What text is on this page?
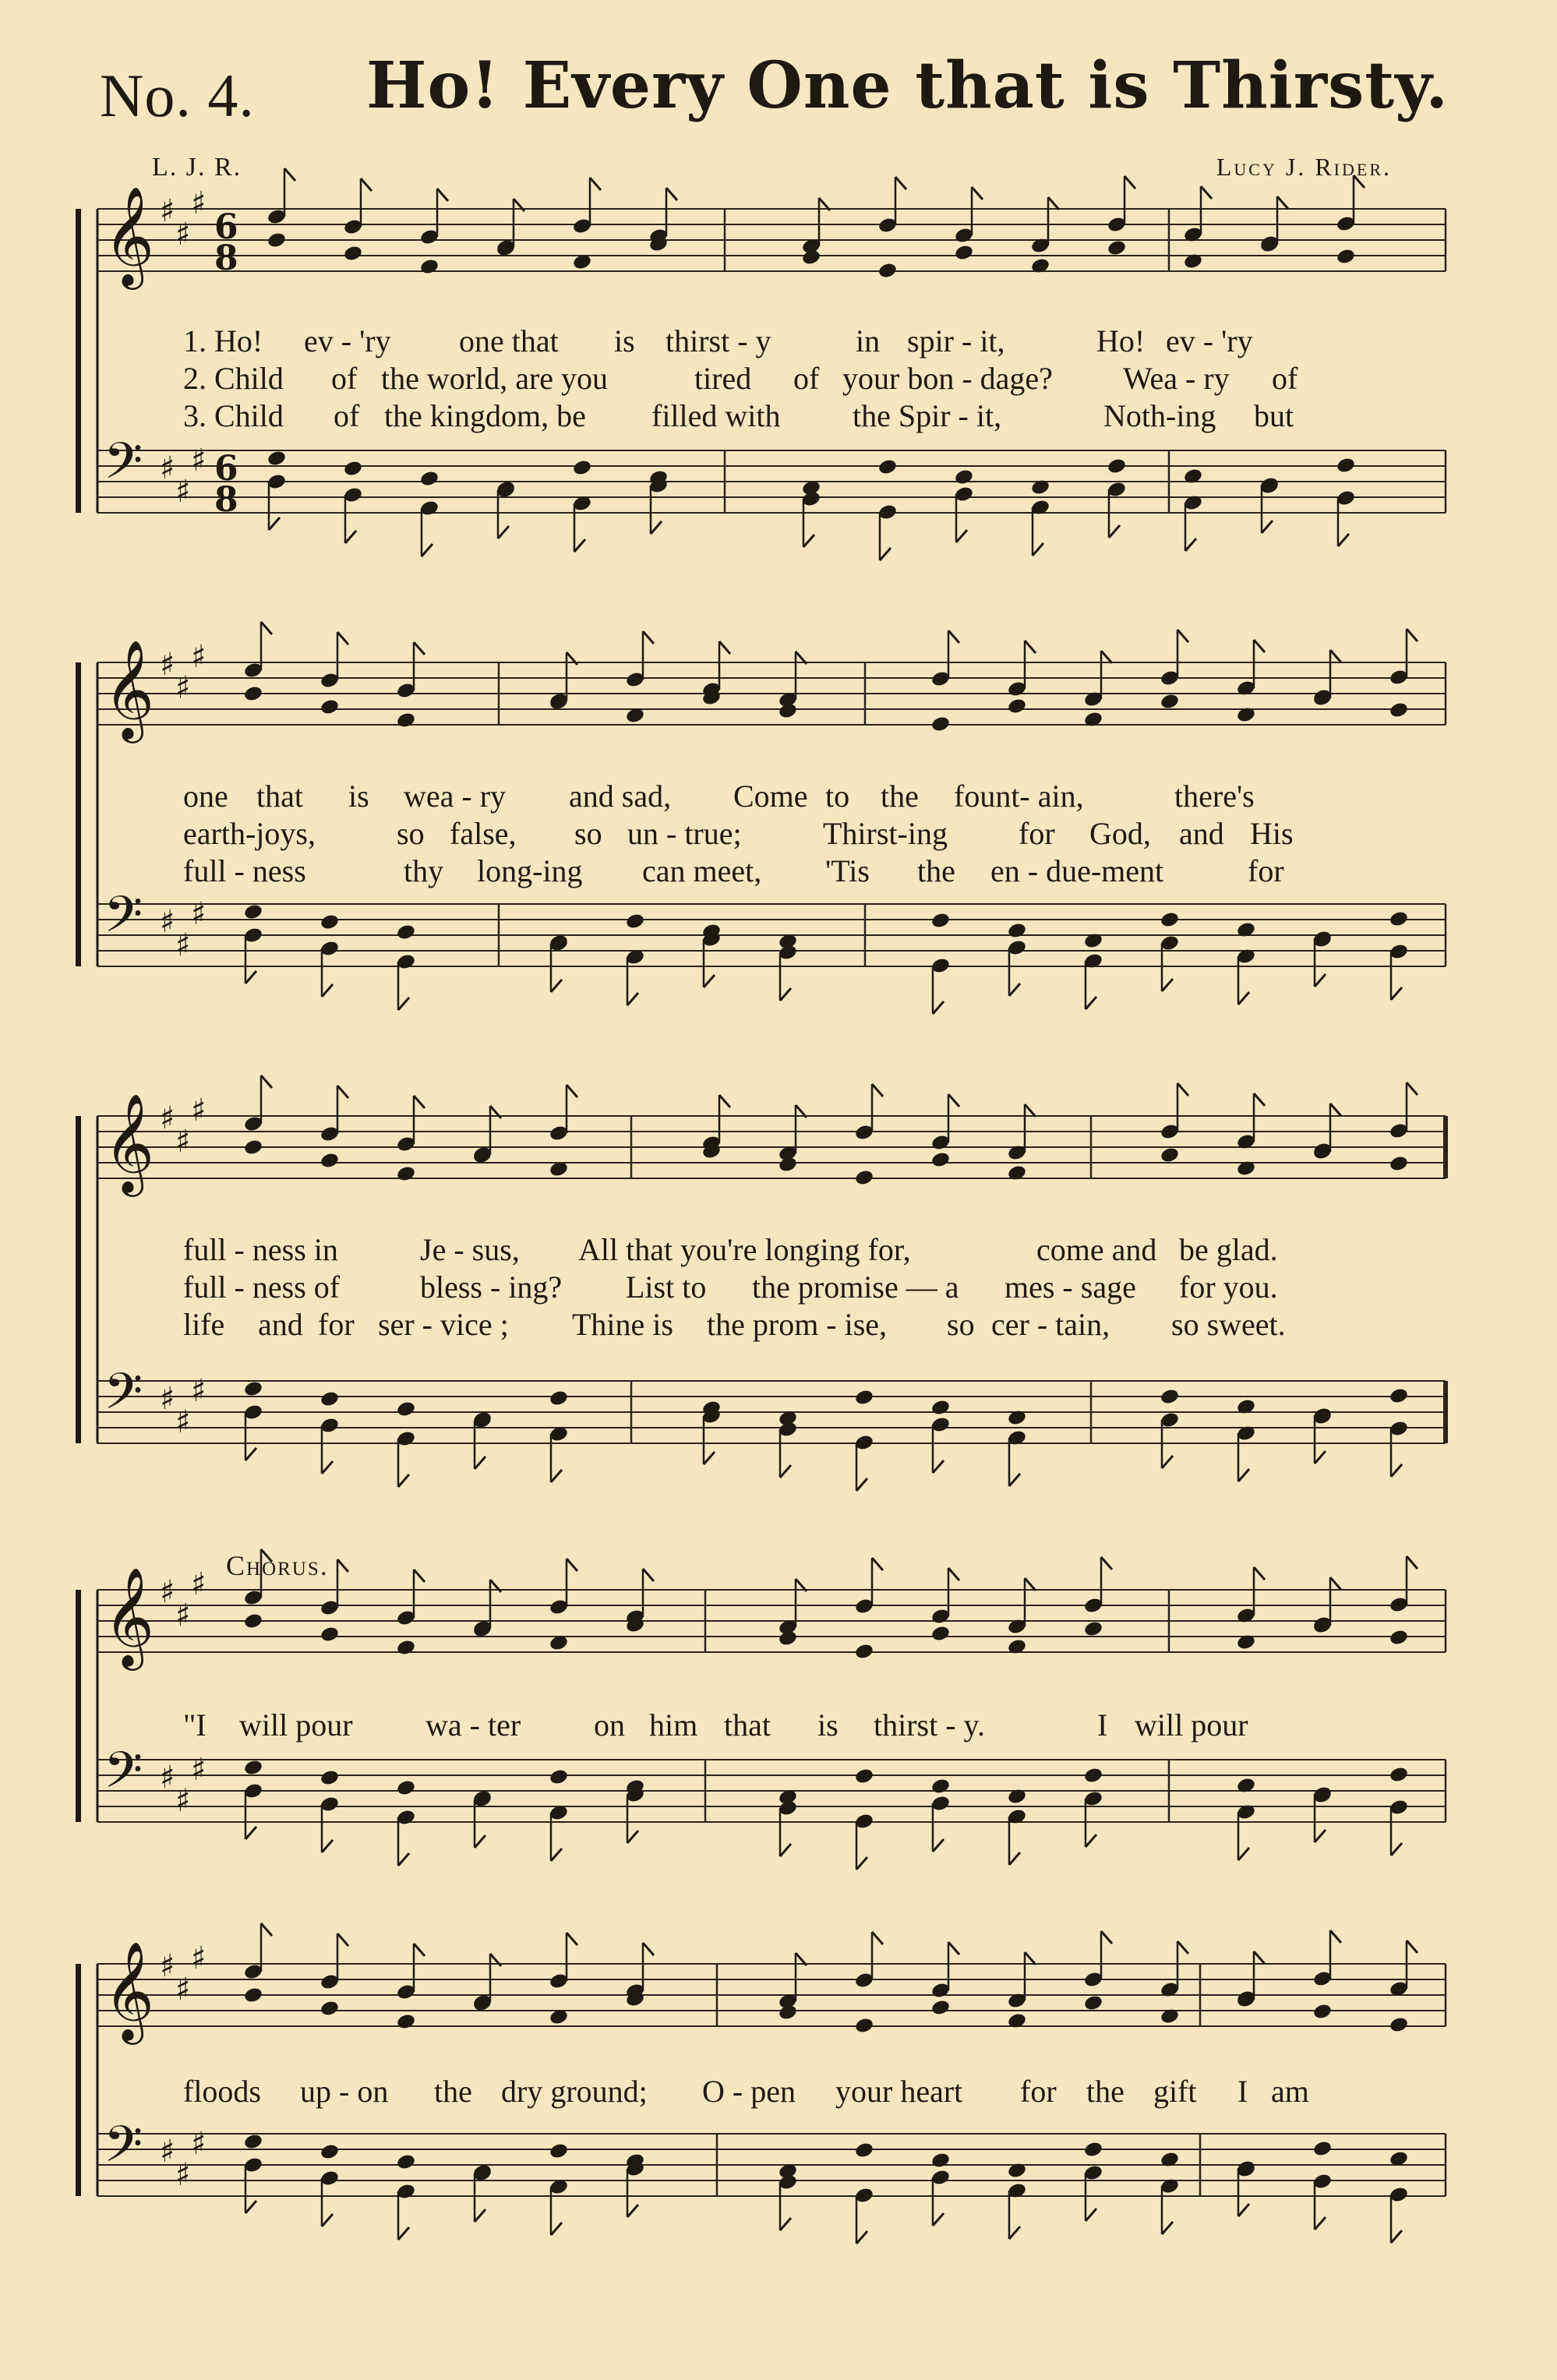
No. 4. Ho! Every One that is Thirsty.
L. J. R.	Lucy J. Rider.
Chorus.
𝄞 ♯
♯
♯
6
8
𝄢 ♯
♯
♯ 6
8
1. Ho! ev - 'ry one that is thirst - y	in spir - it,	Ho! ev - 'ry
2. Child of the world, are you	tired of your bon - dage? Wea - ry of
3. Child of the kingdom, be filled with the Spir - it,	Noth-ing but
𝄞 ♯
♯
♯
𝄢 ♯
♯
♯
one that is wea - ry and sad, Come to the fount- ain,	there's
earth-joys,	so false, so un - true;	Thirst-ing for God, and His
full - ness	thy long-ing can meet, 'Tis the en - due-ment	for
𝄞 ♯
♯
♯
𝄢 ♯
♯
♯
full - ness in	Je - sus, All that you're longing for,	come and be glad.
full - ness of	bless - ing? List to the promise — a mes - sage for you.
life and for ser - vice ; Thine is the prom - ise, so cer - tain, so sweet.
𝄞 ♯
♯
♯
𝄢 ♯
♯
♯
"I will pour wa - ter on him that is thirst - y.	I will pour
𝄞 ♯
♯
♯
𝄢 ♯
♯
♯
floods up - on the dry ground; O - pen your heart for the gift I am
